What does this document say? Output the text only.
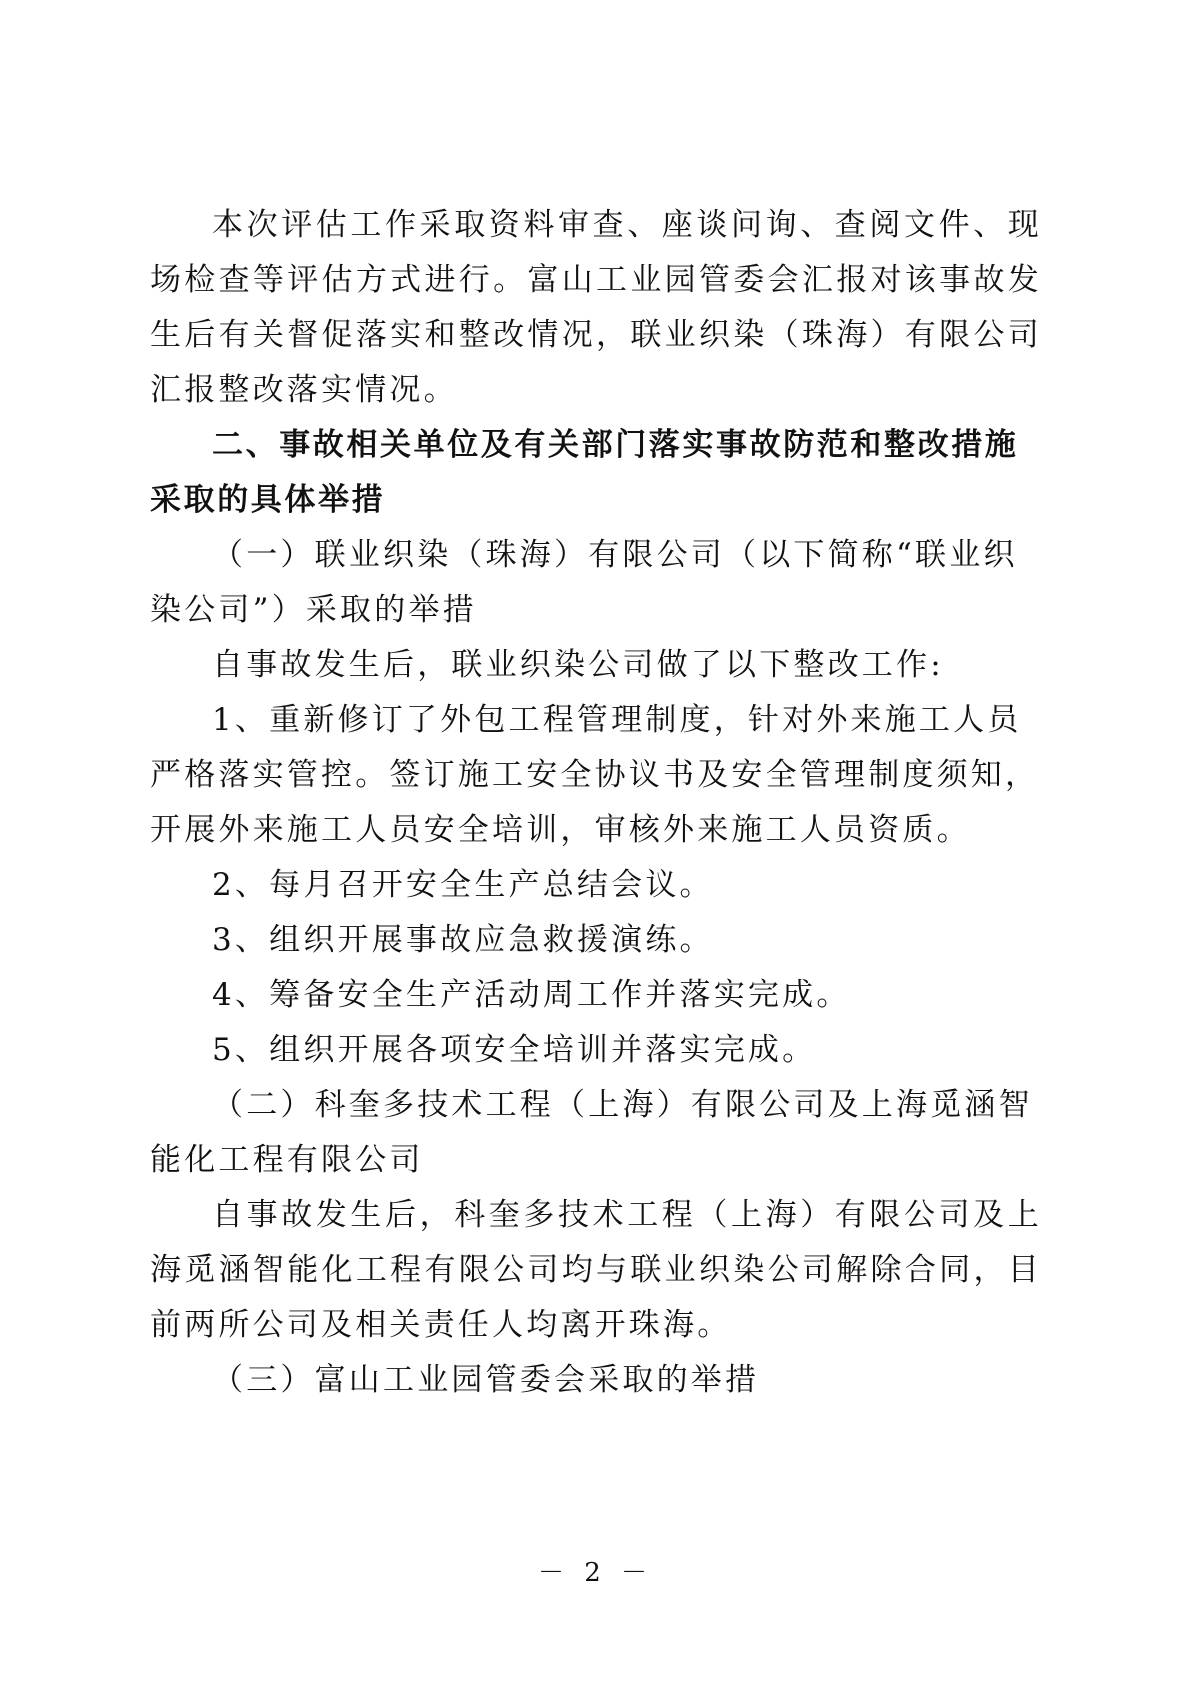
本次评估工作采取资料审查、座谈问询、查阅文件、现场检查等评估方式进行。富山工业园管委会汇报对该事故发生后有关督促落实和整改情况，联业织染（珠海）有限公司汇报整改落实情况。

二、事故相关单位及有关部门落实事故防范和整改措施采取的具体举措

（一）联业织染（珠海）有限公司（以下简称“联业织染公司”）采取的举措

自事故发生后，联业织染公司做了以下整改工作:

1、重新修订了外包工程管理制度，针对外来施工人员严格落实管控。签订施工安全协议书及安全管理制度须知，开展外来施工人员安全培训，审核外来施工人员资质。

2、每月召开安全生产总结会议。

3、组织开展事故应急救援演练。

4、筹备安全生产活动周工作并落实完成。

5、组织开展各项安全培训并落实完成。

（二）科奎多技术工程（上海）有限公司及上海觅涵智能化工程有限公司

自事故发生后，科奎多技术工程（上海）有限公司及上海觅涵智能化工程有限公司均与联业织染公司解除合同，目前两所公司及相关责任人均离开珠海。

（三）富山工业园管委会采取的举措

－ 2 －
